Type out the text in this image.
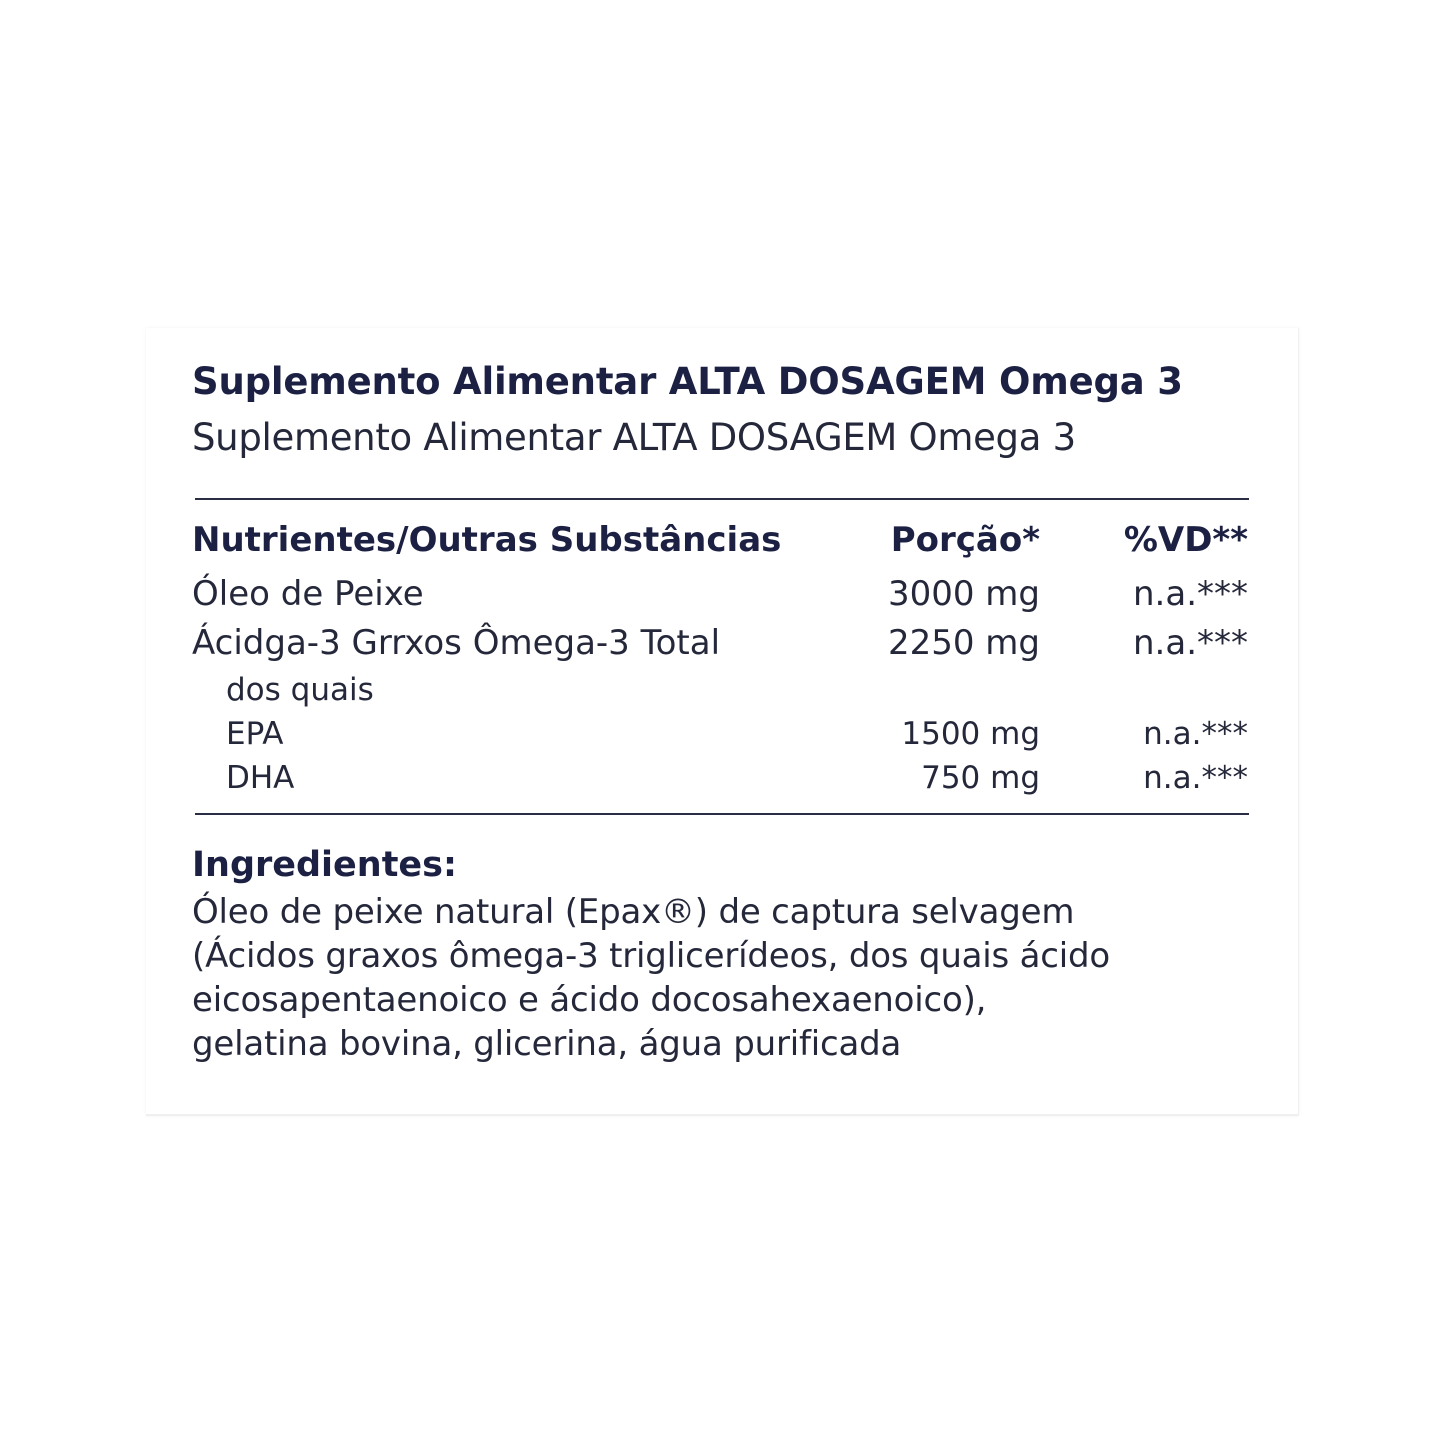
Suplemento Alimentar ALTA DOSAGEM Omega 3
Suplemento Alimentar ALTA DOSAGEM Omega 3
Nutrientes/Outras Substâncias	Porção* %VD**
Óleo de Peixe	3000 mg	n.a.***
Ácidga-3 Grrxos Ômega-3 Total	2250 mg	n.a.***
dos quais
EPA	1500 mg	n.a.***
DHA	750 mg	n.a.***
Ingredientes:
Óleo de peixe natural (Epax®) de captura selvagem
(Ácidos graxos ômega-3 triglicerídeos, dos quais ácido
eicosapentaenoico e ácido docosahexaenoico),
gelatina bovina, glicerina, água purificada
